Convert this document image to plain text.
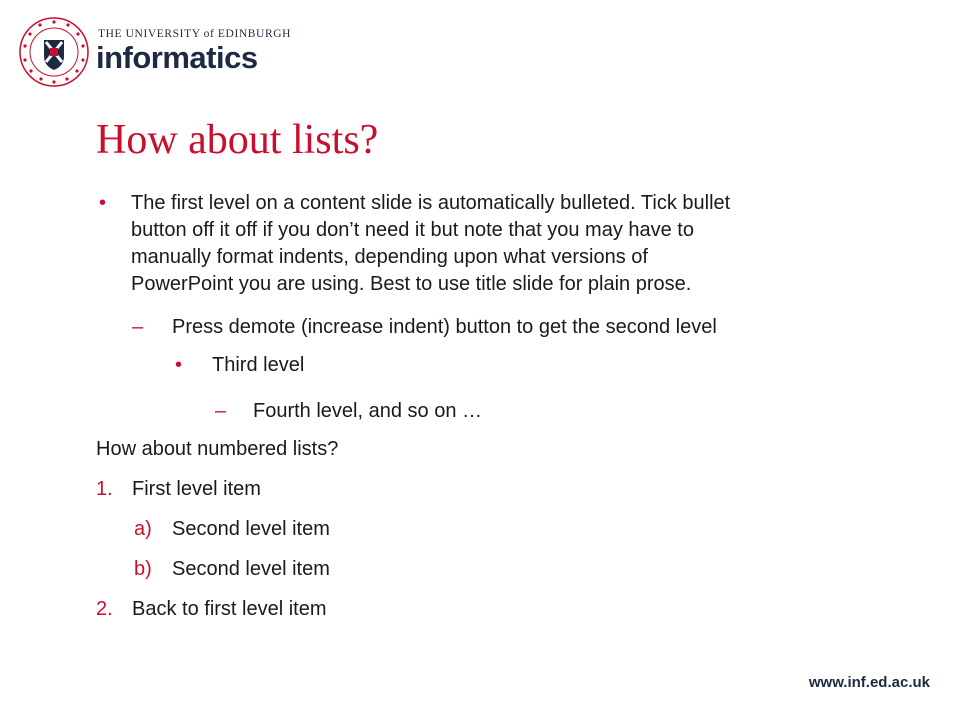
THE UNIVERSITY of EDINBURGH
informatics
How about lists?
• The first level on a content slide is automatically bulleted. Tick bullet
button off it off if you don’t need it but note that you may have to
manually format indents, depending upon what versions of
PowerPoint you are using. Best to use title slide for plain prose.
– Press demote (increase indent) button to get the second level
• Third level
– Fourth level, and so on …
How about numbered lists?
1. First level item
a) Second level item
b) Second level item
2. Back to first level item
www.inf.ed.ac.uk
